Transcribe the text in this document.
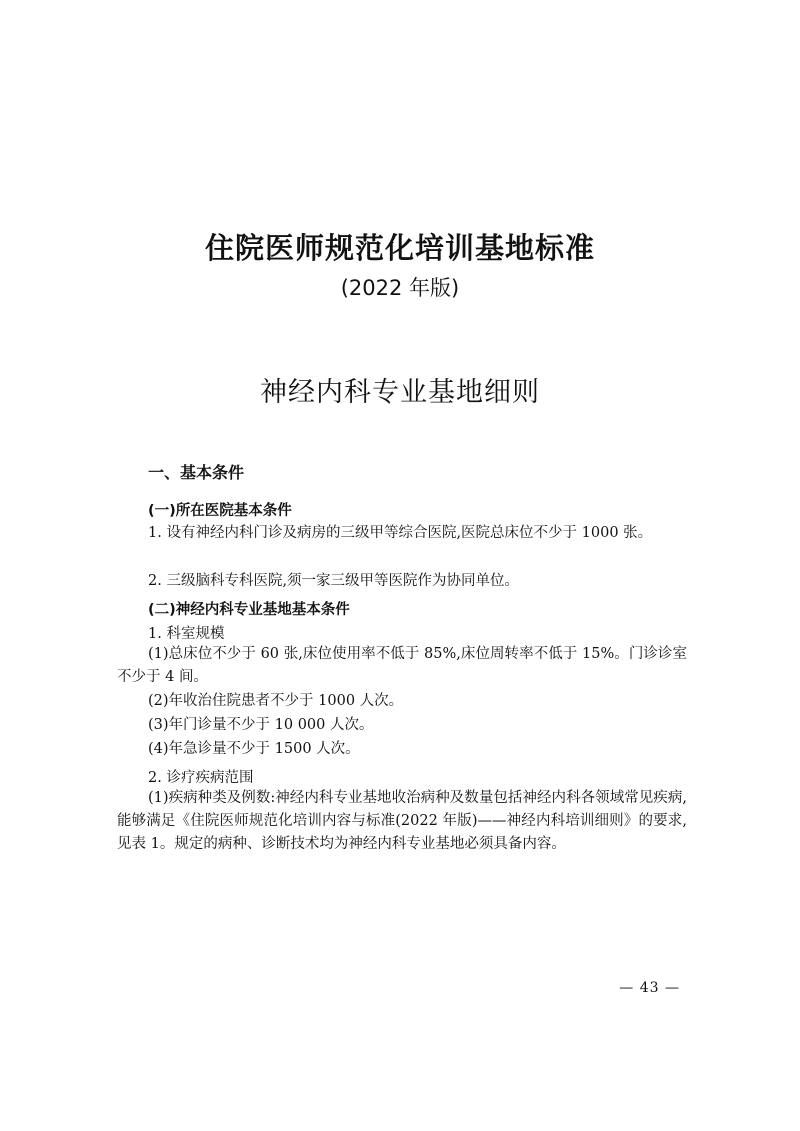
住院医师规范化培训基地标准
(2022 年版)
神经内科专业基地细则
一、基本条件
(一)所在医院基本条件
1. 设有神经内科门诊及病房的三级甲等综合医院,医院总床位不少于 1000 张。
2. 三级脑科专科医院,须一家三级甲等医院作为协同单位。
(二)神经内科专业基地基本条件
1. 科室规模
(1)总床位不少于 60 张,床位使用率不低于 85%,床位周转率不低于 15%。门诊诊室不少于 4 间。
(2)年收治住院患者不少于 1000 人次。
(3)年门诊量不少于 10 000 人次。
(4)年急诊量不少于 1500 人次。
2. 诊疗疾病范围
(1)疾病种类及例数:神经内科专业基地收治病种及数量包括神经内科各领域常见疾病,能够满足《住院医师规范化培训内容与标准(2022 年版)——神经内科培训细则》的要求,见表 1。规定的病种、诊断技术均为神经内科专业基地必须具备内容。
— 43 —
